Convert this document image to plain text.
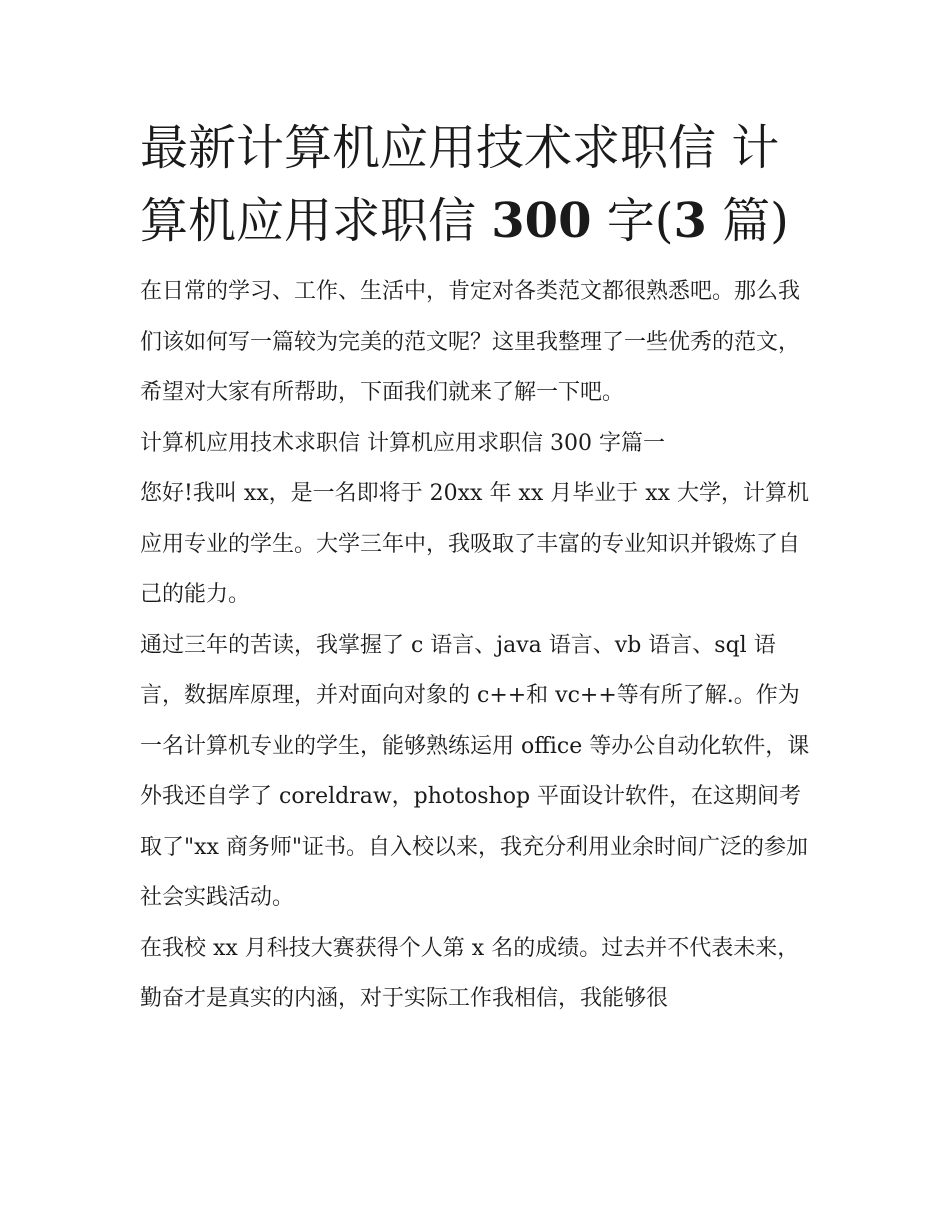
最新计算机应用技术求职信 计算机应用求职信 300 字(3 篇)

在日常的学习、工作、生活中，肯定对各类范文都很熟悉吧。那么我们该如何写一篇较为完美的范文呢？这里我整理了一些优秀的范文，希望对大家有所帮助，下面我们就来了解一下吧。

计算机应用技术求职信 计算机应用求职信 300 字篇一

您好!我叫 xx，是一名即将于 20xx 年 xx 月毕业于 xx 大学，计算机应用专业的学生。大学三年中，我吸取了丰富的专业知识并锻炼了自己的能力。

通过三年的苦读，我掌握了 c 语言、java 语言、vb 语言、sql 语言，数据库原理，并对面向对象的 c++和 vc++等有所了解.。作为一名计算机专业的学生，能够熟练运用 office 等办公自动化软件，课外我还自学了 coreldraw，photoshop 平面设计软件，在这期间考取了"xx 商务师"证书。自入校以来，我充分利用业余时间广泛的参加社会实践活动。

在我校 xx 月科技大赛获得个人第 x 名的成绩。过去并不代表未来，勤奋才是真实的内涵，对于实际工作我相信，我能够很
